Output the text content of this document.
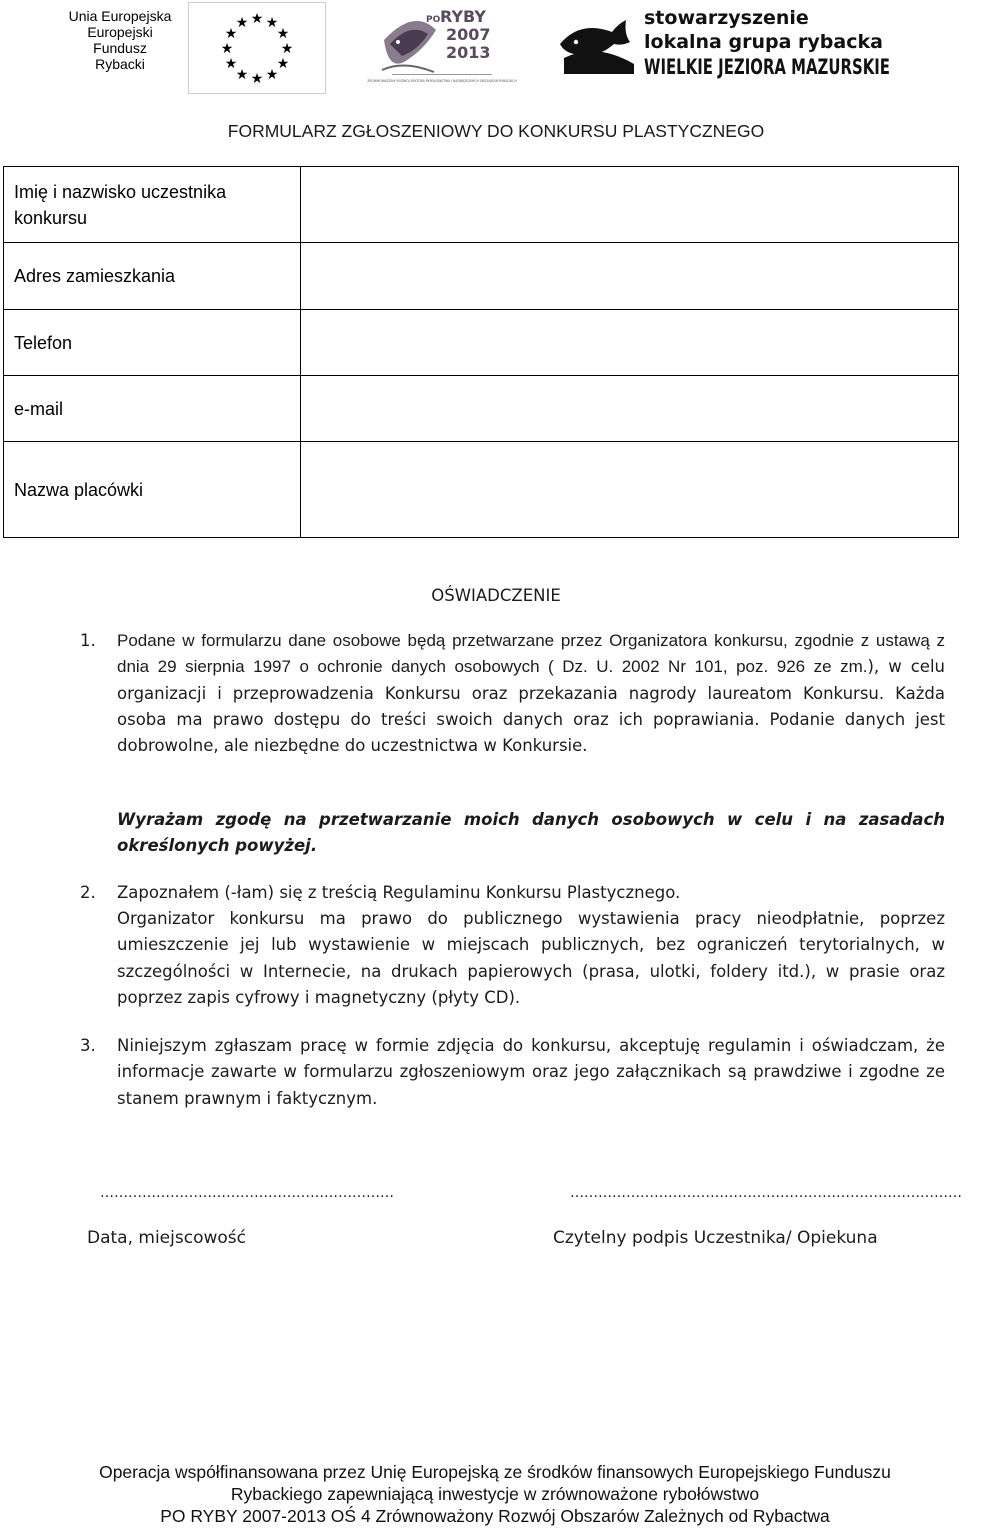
Unia Europejska
Europejski
Fundusz
Rybacki
★ ★
★
★
★
★
★
★
★
★
★
★	PO RYBY
2007
2013
ZRÓWNOWAŻONY ROZWÓJ SEKTORA RYBOŁÓWSTWA I NADBRZEŻNYCH OBSZARÓW RYBACKICH
stowarzyszenie
lokalna grupa rybacka
WIELKIE JEZIORA MAZURSKIE
FORMULARZ ZGŁOSZENIOWY DO KONKURSU PLASTYCZNEGO
Imię i nazwisko uczestnika konkursu	
Adres zamieszkania	
Telefon	
e-mail	
Nazwa placówki	
OŚWIADCZENIE
1.	Podane w formularzu dane osobowe będą przetwarzane przez Organizatora konkursu, zgodnie z ustawą z dnia 29 sierpnia 1997 o ochronie danych osobowych ( Dz. U. 2002 Nr 101, poz. 926 ze zm.), w celu organizacji i przeprowadzenia Konkursu oraz przekazania nagrody laureatom Konkursu. Każda osoba ma prawo dostępu do treści swoich danych oraz ich poprawiania. Podanie danych jest dobrowolne, ale niezbędne do uczestnictwa w Konkursie.
Wyrażam zgodę na przetwarzanie moich danych osobowych w celu i na zasadach określonych powyżej.
2.	Zapoznałem (-łam) się z treścią Regulaminu Konkursu Plastycznego.
Organizator konkursu ma prawo do publicznego wystawienia pracy nieodpłatnie, poprzez umieszczenie jej lub wystawienie w miejscach publicznych, bez ograniczeń terytorialnych, w szczególności w Internecie, na drukach papierowych (prasa, ulotki, foldery itd.), w prasie oraz poprzez zapis cyfrowy i magnetyczny (płyty CD).
3.	Niniejszym zgłaszam pracę w formie zdjęcia do konkursu, akceptuję regulamin i oświadczam, że informacje zawarte w formularzu zgłoszeniowym oraz jego załącznikach są prawdziwe i zgodne ze stanem prawnym i faktycznym.
………………………………………………………
Data, miejscowość
…………………………………………………………………………
Czytelny podpis Uczestnika/ Opiekuna
Operacja współfinansowana przez Unię Europejską ze środków finansowych Europejskiego Funduszu
Rybackiego zapewniającą inwestycje w zrównoważone rybołówstwo
PO RYBY 2007-2013 OŚ 4 Zrównoważony Rozwój Obszarów Zależnych od Rybactwa
